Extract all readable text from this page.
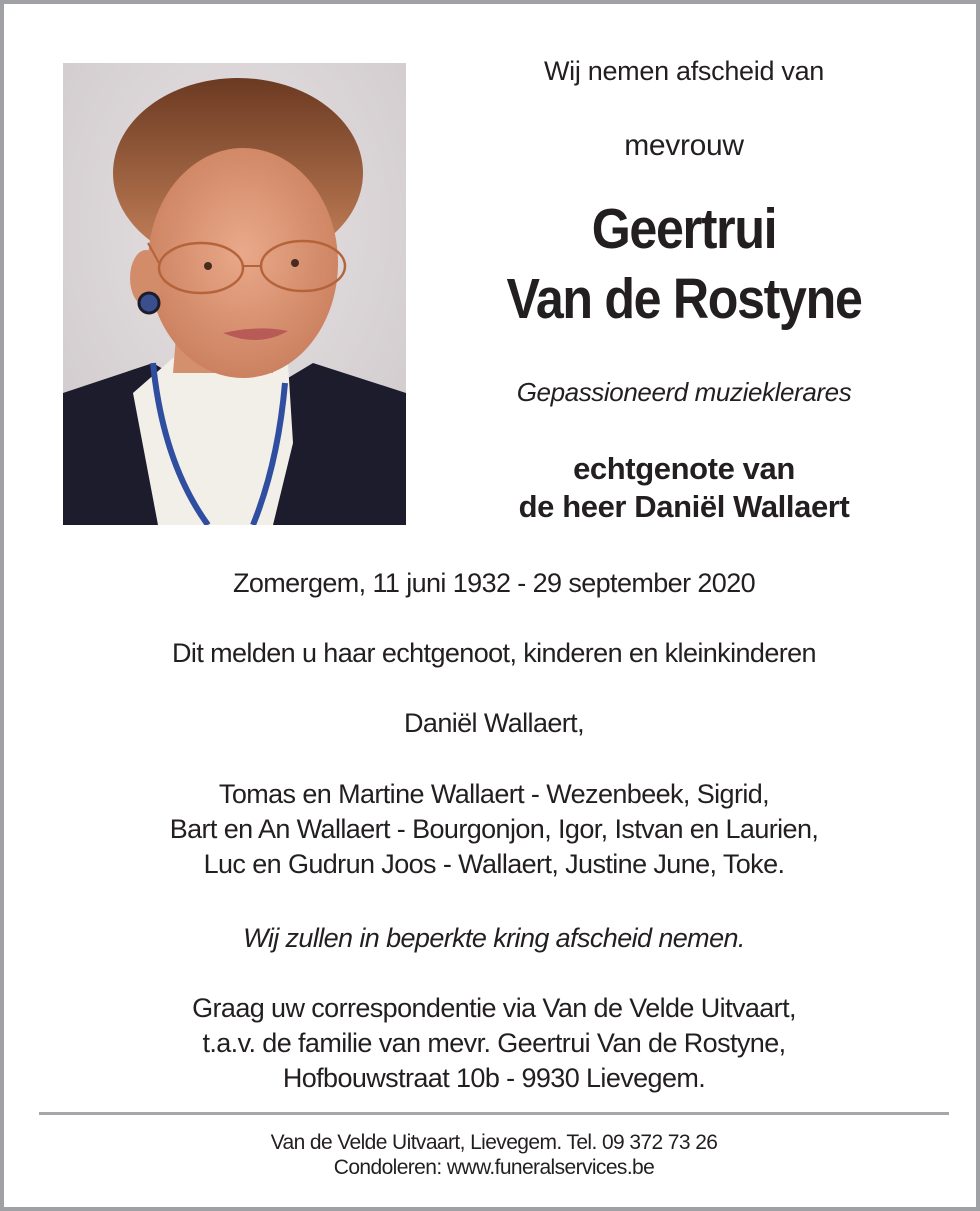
Wij nemen afscheid van
mevrouw
Geertrui
Van de Rostyne
Gepassioneerd muzieklerares
echtgenote van
de heer Daniël Wallaert
Zomergem, 11 juni 1932 - 29 september 2020
Dit melden u haar echtgenoot, kinderen en kleinkinderen
Daniël Wallaert,
Tomas en Martine Wallaert - Wezenbeek, Sigrid,
Bart en An Wallaert - Bourgonjon, Igor, Istvan en Laurien,
Luc en Gudrun Joos - Wallaert, Justine June, Toke.
Wij zullen in beperkte kring afscheid nemen.
Graag uw correspondentie via Van de Velde Uitvaart,
t.a.v. de familie van mevr. Geertrui Van de Rostyne,
Hofbouwstraat 10b - 9930 Lievegem.
Van de Velde Uitvaart, Lievegem. Tel. 09 372 73 26
Condoleren: www.funeralservices.be
